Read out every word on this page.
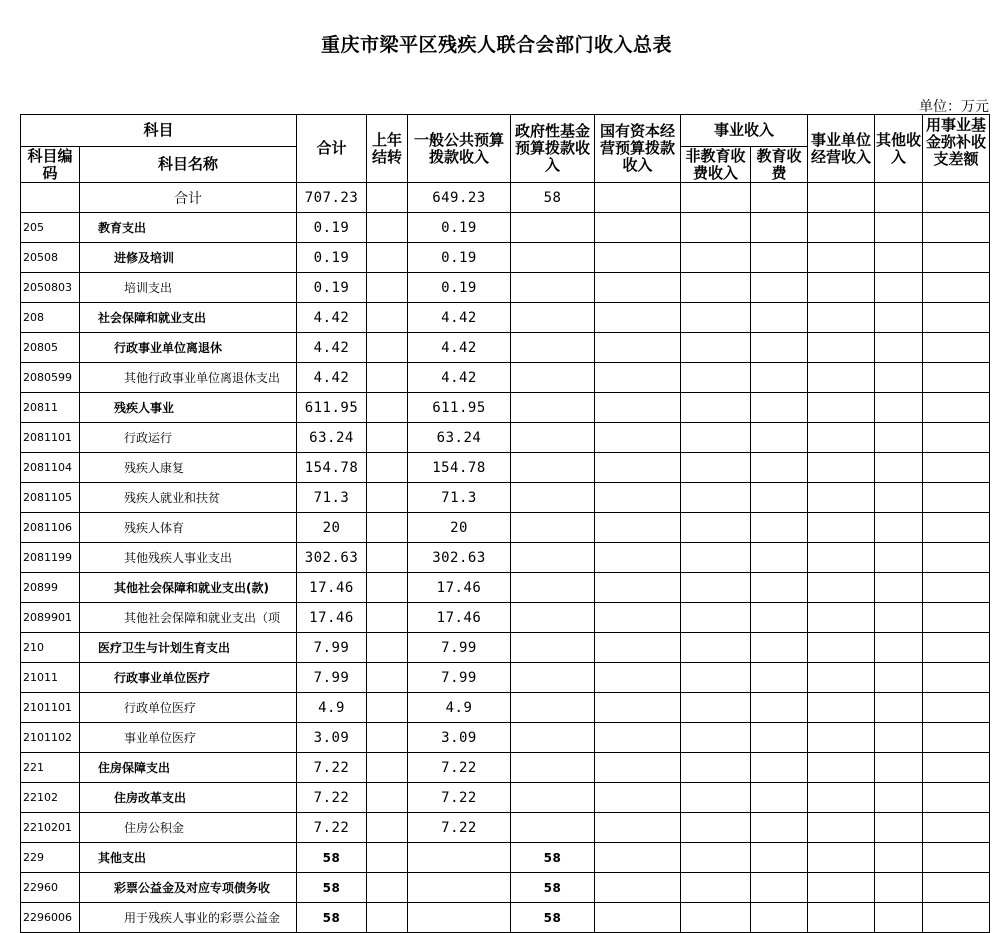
重庆市梁平区残疾人联合会部门收入总表
单位：万元
科目		合计	上年结转	一般公共预算拨款收入	政府性基金预算拨款收入	国有资本经营预算拨款收入	事业收入		事业单位经营收入	其他收入	用事业基金弥补收支差额

科目编码	科目名称						非教育收费收入	教育收费			

	合计	707.23		649.23	58						
205	教育支出	0.19		0.19							
20508	进修及培训	0.19		0.19							
2050803	培训支出	0.19		0.19							
208	社会保障和就业支出	4.42		4.42							
20805	行政事业单位离退休	4.42		4.42							
2080599	其他行政事业单位离退休支出	4.42		4.42							
20811	残疾人事业	611.95		611.95							
2081101	行政运行	63.24		63.24							
2081104	残疾人康复	154.78		154.78							
2081105	残疾人就业和扶贫	71.3		71.3							
2081106	残疾人体育	20		20							
2081199	其他残疾人事业支出	302.63		302.63							
20899	其他社会保障和就业支出(款)	17.46		17.46							
2089901	其他社会保障和就业支出（项	17.46		17.46							
210	医疗卫生与计划生育支出	7.99		7.99							
21011	行政事业单位医疗	7.99		7.99							
2101101	行政单位医疗	4.9		4.9							
2101102	事业单位医疗	3.09		3.09							
221	住房保障支出	7.22		7.22							
22102	住房改革支出	7.22		7.22							
2210201	住房公积金	7.22		7.22							
229	其他支出	58			58						
22960	彩票公益金及对应专项债务收	58			58						
2296006	用于残疾人事业的彩票公益金	58			58						
